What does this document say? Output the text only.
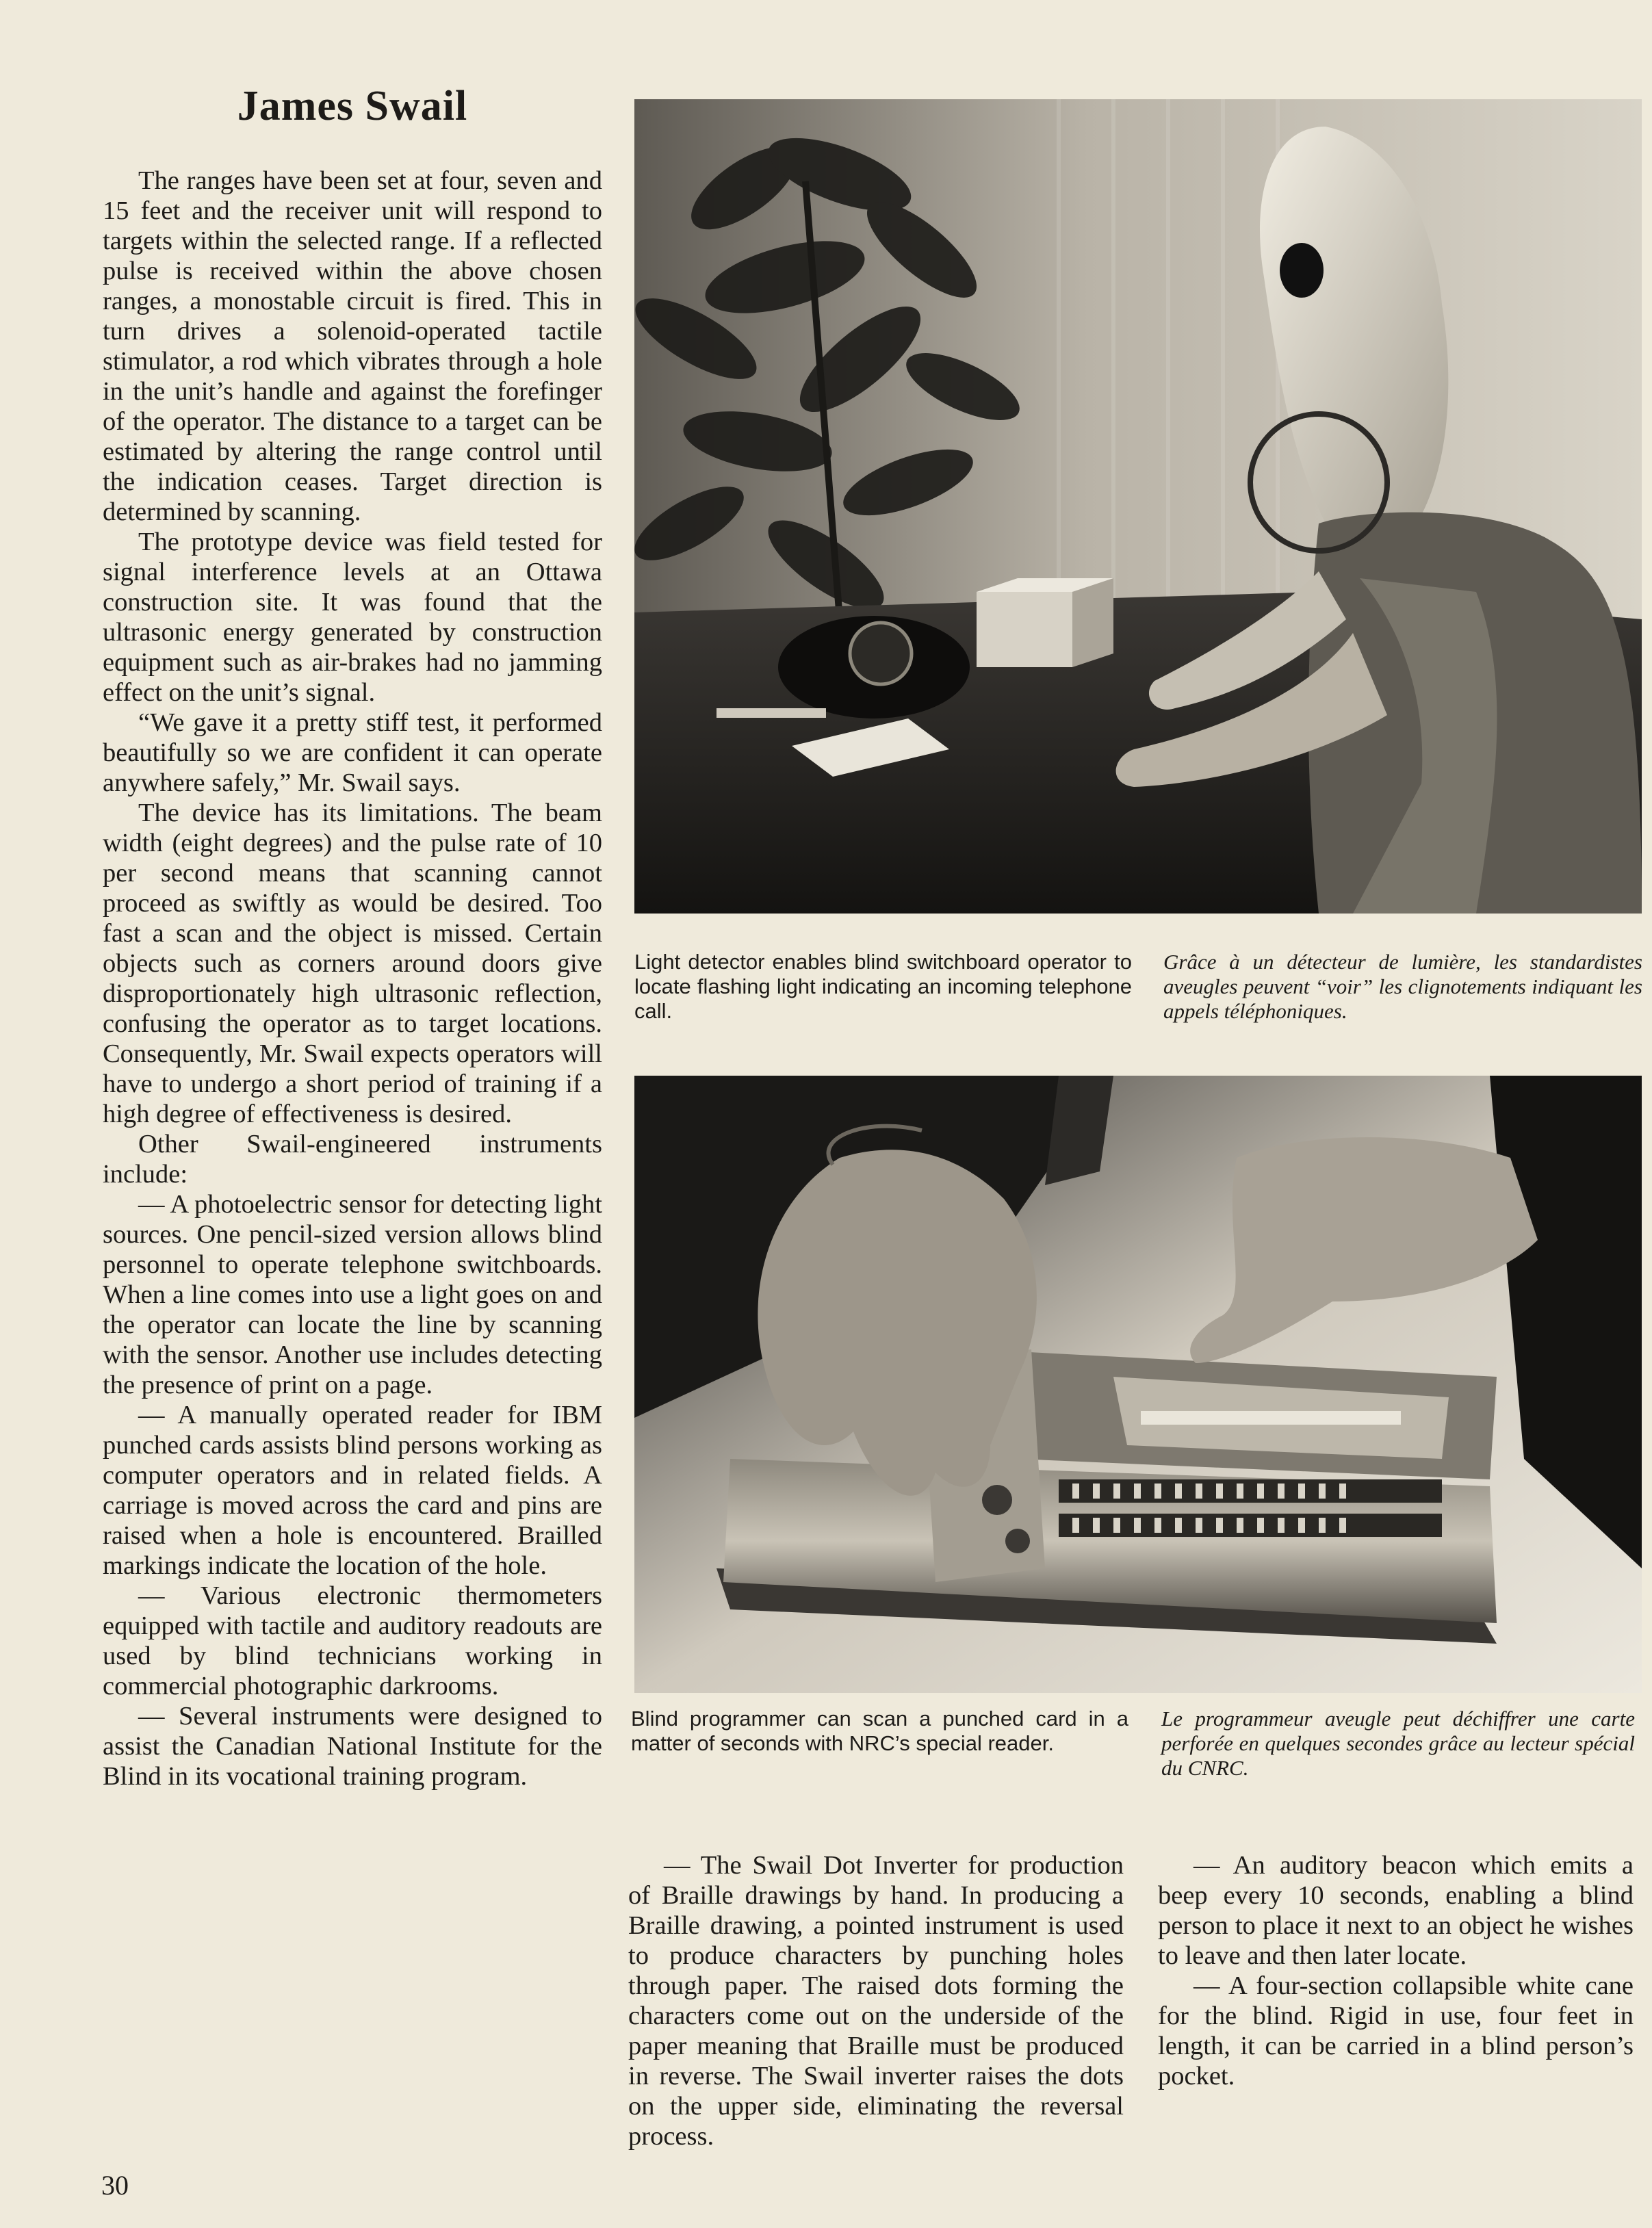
James Swail

The ranges have been set at four, seven and 15 feet and the receiver unit will respond to targets within the selected range. If a reflected pulse is received within the above chosen ranges, a monostable circuit is fired. This in turn drives a solenoid-operated tactile stimulator, a rod which vibrates through a hole in the unit’s handle and against the forefinger of the operator. The distance to a target can be estimated by altering the range control until the indication ceases. Target direction is determined by scanning.

The prototype device was field tested for signal interference levels at an Ottawa construction site. It was found that the ultrasonic energy generated by construction equipment such as air-brakes had no jamming effect on the unit’s signal.

“We gave it a pretty stiff test, it performed beautifully so we are confident it can operate anywhere safely,” Mr. Swail says.

The device has its limitations. The beam width (eight degrees) and the pulse rate of 10 per second means that scanning cannot proceed as swiftly as would be desired. Too fast a scan and the object is missed. Certain objects such as corners around doors give disproportionately high ultrasonic reflection, confusing the operator as to target locations. Consequently, Mr. Swail expects operators will have to undergo a short period of training if a high degree of effectiveness is desired.

Other Swail-engineered instruments include:

— A photoelectric sensor for detecting light sources. One pencil-sized version allows blind personnel to operate telephone switchboards. When a line comes into use a light goes on and the operator can locate the line by scanning with the sensor. Another use includes detecting the presence of print on a page.

— A manually operated reader for IBM punched cards assists blind persons working as computer operators and in related fields. A carriage is moved across the card and pins are raised when a hole is encountered. Brailled markings indicate the location of the hole.

— Various electronic thermometers equipped with tactile and auditory readouts are used by blind technicians working in commercial photographic darkrooms.

— Several instruments were designed to assist the Canadian National Institute for the Blind in its vocational training program.

Light detector enables blind switchboard operator to locate flashing light indicating an incoming telephone call.
Grâce à un détecteur de lumière, les standardistes aveugles peuvent “voir” les clignotements indiquant les appels téléphoniques.
Blind programmer can scan a punched card in a matter of seconds with NRC’s special reader.
Le programmeur aveugle peut déchiffrer une carte perforée en quelques secondes grâce au lecteur spécial du CNRC.

— The Swail Dot Inverter for production of Braille drawings by hand. In producing a Braille drawing, a pointed instrument is used to produce characters by punching holes through paper. The raised dots forming the characters come out on the underside of the paper meaning that Braille must be produced in reverse. The Swail inverter raises the dots on the upper side, eliminating the reversal process.

— An auditory beacon which emits a beep every 10 seconds, enabling a blind person to place it next to an object he wishes to leave and then later locate.

— A four-section collapsible white cane for the blind. Rigid in use, four feet in length, it can be carried in a blind person’s pocket.

30
